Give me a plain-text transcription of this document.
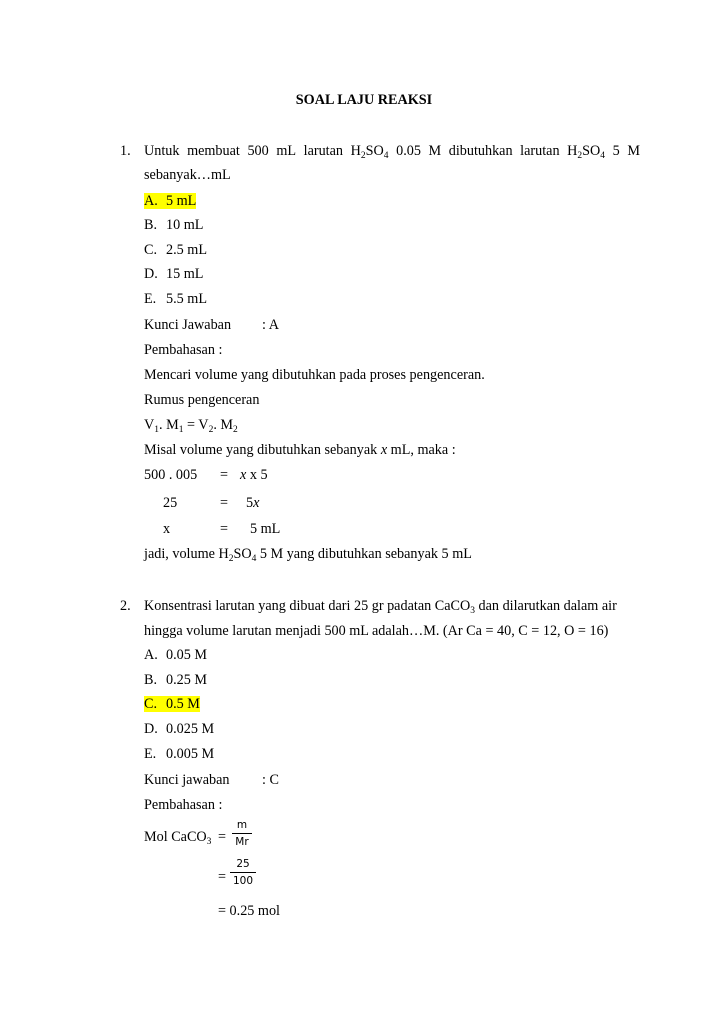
SOAL LAJU REAKSI
1. Untuk membuat 500 mL larutan $H_2SO_4$ 0.05 M dibutuhkan larutan $H_2SO_4$ 5 M
sebanyak…mL
A. 5 mL
B. 10 mL
C. 2.5 mL
D. 15 mL
E. 5.5 mL
Kunci Jawaban : A
Pembahasan :
Mencari volume yang dibutuhkan pada proses pengenceran.
Rumus pengenceran
$V_1$. $M_1 = V_2$. $M_2$
Misal volume yang dibutuhkan sebanyak x mL, maka :
500 . 005 = x x 5
25	= 5x
x	= 5 mL
jadi, volume $H_2SO_4$ 5 M yang dibutuhkan sebanyak 5 mL
2. Konsentrasi larutan yang dibuat dari 25 gr padatan CaCO$_3$ dan dilarutkan dalam air
hingga volume larutan menjadi 500 mL adalah…M. (Ar Ca = 40, C = 12, O = 16)
A. 0.05 M
B. 0.25 M
C. 0.5 M
D. 0.025 M
E. 0.005 M
Kunci jawaban : C
Pembahasan :
Mol CaCO$_3$ =
m
Mr
=
25
100
= 0.25 mol
